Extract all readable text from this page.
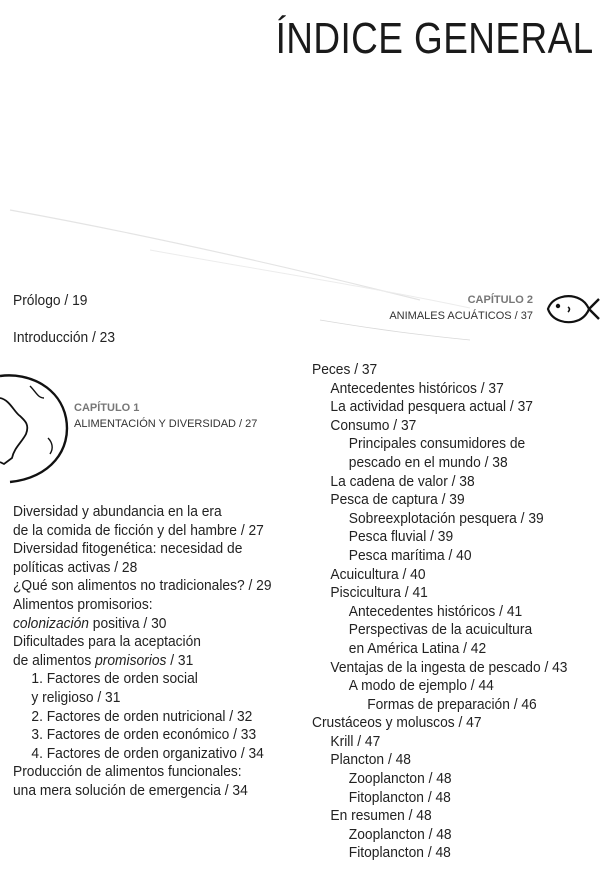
ÍNDICE GENERAL
Prólogo / 19
Introducción / 23
CAPÍTULO 2
ANIMALES ACUÁTICOS / 37
CAPÍTULO 1
ALIMENTACIÓN Y DIVERSIDAD / 27
Diversidad y abundancia en la era
de la comida de ficción y del hambre / 27
Diversidad fitogenética: necesidad de
políticas activas / 28
¿Qué son alimentos no tradicionales? / 29
Alimentos promisorios:
colonización positiva / 30
Dificultades para la aceptación
de alimentos promisorios / 31
1. Factores de orden social
y religioso / 31
2. Factores de orden nutricional / 32
3. Factores de orden económico / 33
4. Factores de orden organizativo / 34
Producción de alimentos funcionales:
una mera solución de emergencia / 34
Peces / 37
Antecedentes históricos / 37
La actividad pesquera actual / 37
Consumo / 37
Principales consumidores de
pescado en el mundo / 38
La cadena de valor / 38
Pesca de captura / 39
Sobreexplotación pesquera / 39
Pesca fluvial / 39
Pesca marítima / 40
Acuicultura / 40
Piscicultura / 41
Antecedentes históricos / 41
Perspectivas de la acuicultura
en América Latina / 42
Ventajas de la ingesta de pescado / 43
A modo de ejemplo / 44
Formas de preparación / 46
Crustáceos y moluscos / 47
Krill / 47
Plancton / 48
Zooplancton / 48
Fitoplancton / 48
En resumen / 48
Zooplancton / 48
Fitoplancton / 48
